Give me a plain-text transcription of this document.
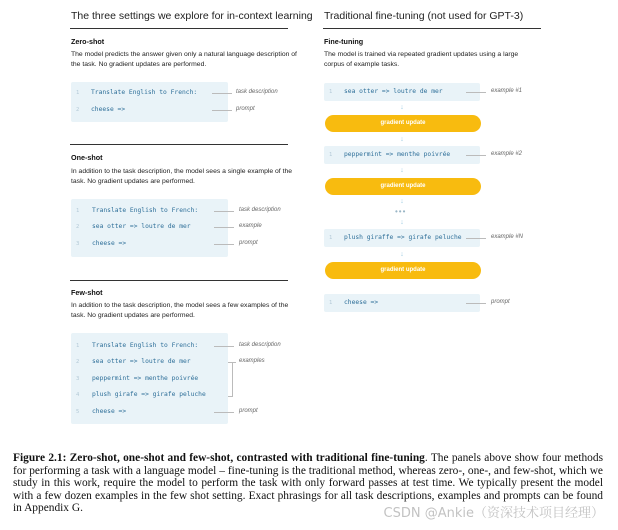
The three settings we explore for in-context learning Traditional fine-tuning (not used for GPT-3)
Zero-shot
The model predicts the answer given only a natural language description of the task. No gradient updates are performed.
1 Translate English to French:	task description
2 cheese =>	prompt
One-shot
In addition to the task description, the model sees a single example of the task. No gradient updates are performed.
1 Translate English to French:	task description
2 sea otter => loutre de mer	example
3 cheese =>	prompt
Few-shot
In addition to the task description, the model sees a few examples of the task. No gradient updates are performed.
1 Translate English to French:	task description
2 sea otter => loutre de mer
3 peppermint => menthe poivrée
4 plush girafe => girafe peluche
examples
5 cheese =>	prompt
Fine-tuning
The model is trained via repeated gradient updates using a large corpus of example tasks.
1 sea otter => loutre de mer	example #1
↓
gradient update
↓
1 peppermint => menthe poivrée	example #2
↓
gradient update
↓
•••
↓
1 plush giraffe => girafe peluche	example #N
↓
gradient update
1 cheese =>	prompt
Figure 2.1: Zero-shot, one-shot and few-shot, contrasted with traditional fine-tuning. The panels above show four methods for performing a task with a language model – fine-tuning is the traditional method, whereas zero-, one-, and few-shot, which we study in this work, require the model to perform the task with only forward passes at test time. We typically present the model with a few dozen examples in the few shot setting. Exact phrasings for all task descriptions, examples and prompts can be found in Appendix G.	CSDN @Ankie（资深技术项目经理）
